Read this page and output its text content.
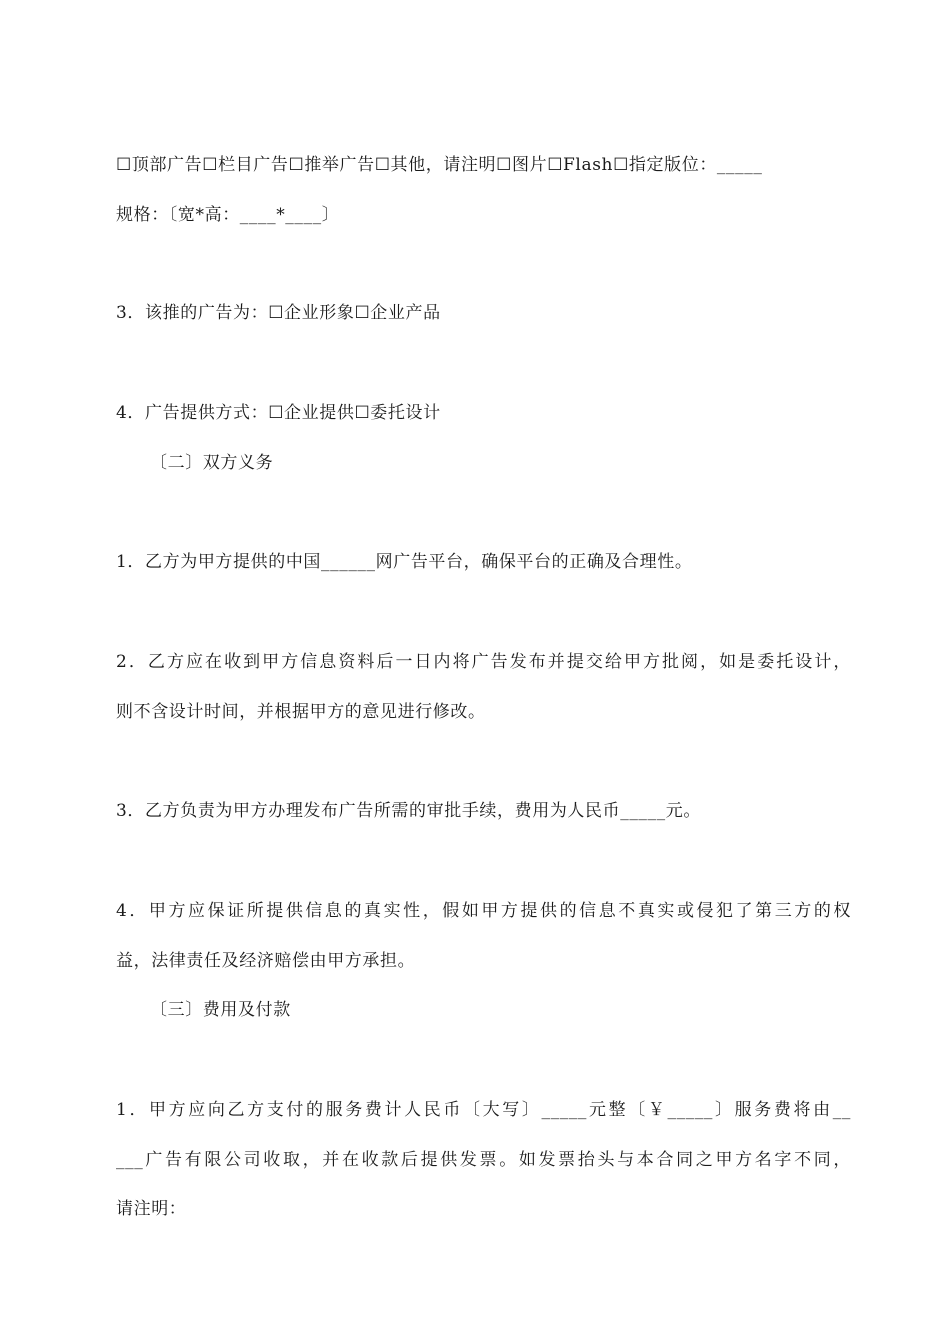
☐顶部广告☐栏目广告☐推举广告☐其他，请注明☐图片☐Flash☐指定版位：_____
规格：〔宽*高：____*____〕
3．该推的广告为：☐企业形象☐企业产品
4．广告提供方式：☐企业提供☐委托设计
〔二〕双方义务
1．乙方为甲方提供的中国______网广告平台，确保平台的正确及合理性。
2．乙方应在收到甲方信息资料后一日内将广告发布并提交给甲方批阅，如是委托设计，
则不含设计时间，并根据甲方的意见进行修改。
3．乙方负责为甲方办理发布广告所需的审批手续，费用为人民币_____元。
4．甲方应保证所提供信息的真实性，假如甲方提供的信息不真实或侵犯了第三方的权
益，法律责任及经济赔偿由甲方承担。
〔三〕费用及付款
1．甲方应向乙方支付的服务费计人民币〔大写〕_____元整〔￥_____〕服务费将由__
___广告有限公司收取，并在收款后提供发票。如发票抬头与本合同之甲方名字不同，
请注明：
